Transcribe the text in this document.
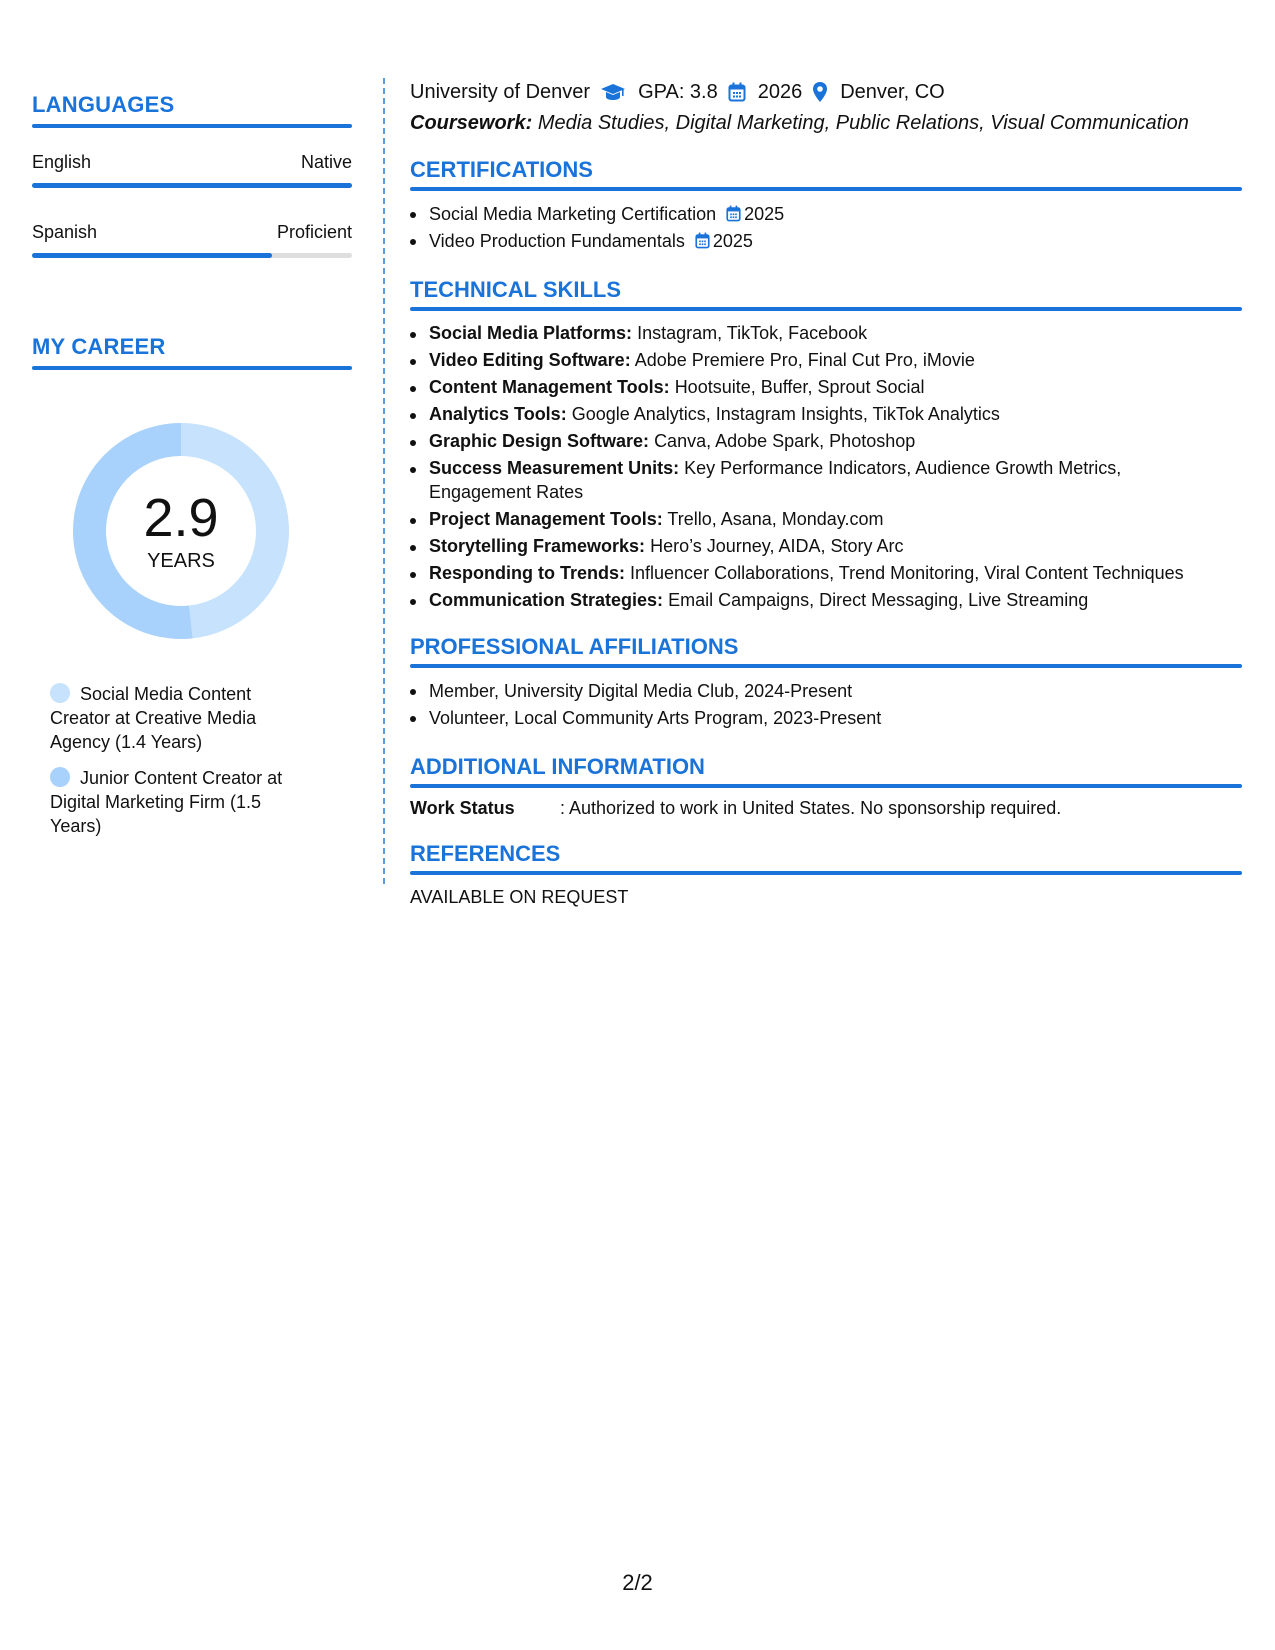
LANGUAGES
English	Native
Spanish	Proficient
MY CAREER
2.9
YEARS
Social Media Content Creator at Creative Media Agency (1.4 Years)
Junior Content Creator at Digital Marketing Firm (1.5 Years)
University of Denver GPA: 3.8 2026 Denver, CO
Coursework: Media Studies, Digital Marketing, Public Relations, Visual Communication
CERTIFICATIONS
Social Media Marketing Certification 2025
Video Production Fundamentals 2025
TECHNICAL SKILLS
Social Media Platforms: Instagram, TikTok, Facebook
Video Editing Software: Adobe Premiere Pro, Final Cut Pro, iMovie
Content Management Tools: Hootsuite, Buffer, Sprout Social
Analytics Tools: Google Analytics, Instagram Insights, TikTok Analytics
Graphic Design Software: Canva, Adobe Spark, Photoshop
Success Measurement Units: Key Performance Indicators, Audience Growth Metrics, Engagement Rates
Project Management Tools: Trello, Asana, Monday.com
Storytelling Frameworks: Hero’s Journey, AIDA, Story Arc
Responding to Trends: Influencer Collaborations, Trend Monitoring, Viral Content Techniques
Communication Strategies: Email Campaigns, Direct Messaging, Live Streaming
PROFESSIONAL AFFILIATIONS
Member, University Digital Media Club, 2024-Present
Volunteer, Local Community Arts Program, 2023-Present
ADDITIONAL INFORMATION
Work Status	: Authorized to work in United States. No sponsorship required.
REFERENCES
AVAILABLE ON REQUEST
2/2
